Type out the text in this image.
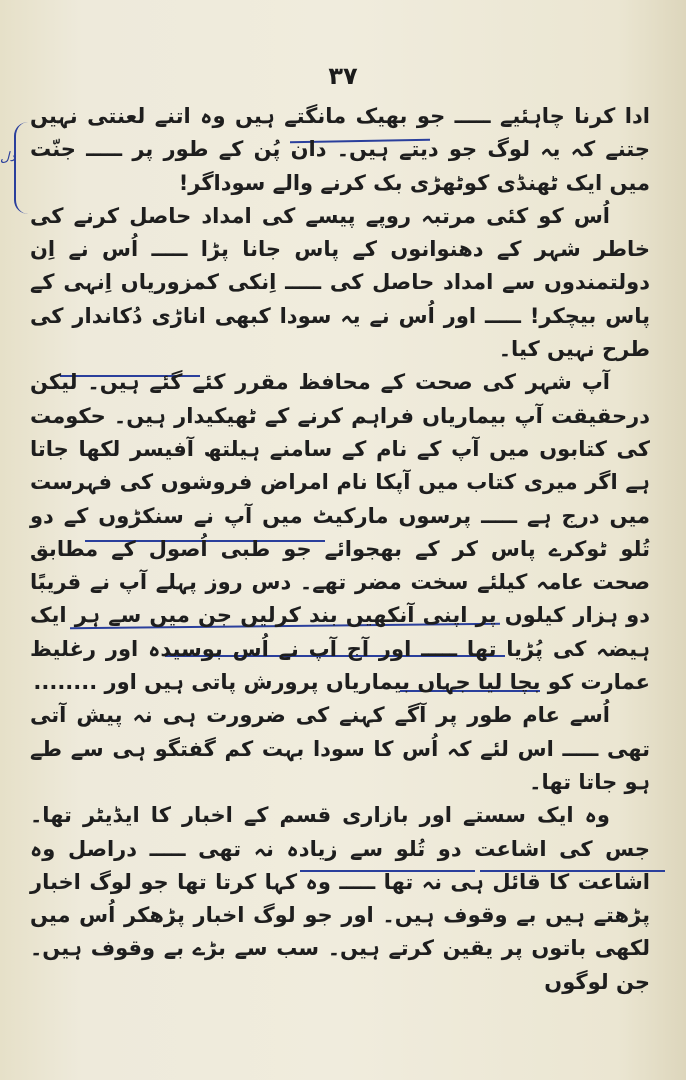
۳۷
دل

ادا کرنا چاہئیے ـــــ جو بھیک مانگتے ہیں وہ اتنے لعنتی نہیں جتنے کہ یہ لوگ جو دیتے ہیں۔ دان پُن کے طور پر ـــــ جنّت میں ایک ٹھنڈی کوٹھڑی بک کرنے والے سوداگر!

اُس کو کئی مرتبہ روپے پیسے کی امداد حاصل کرنے کی خاطر شہر کے دھنوانوں کے پاس جانا پڑا ـــــ اُس نے اِن دولتمندوں سے امداد حاصل کی ـــــ اِنکی کمزوریاں اِنہی کے پاس بیچکر! ـــــ اور اُس نے یہ سودا کبھی اناڑی دُکاندار کی طرح نہیں کیا۔

آپ شہر کی صحت کے محافظ مقرر کئے گئے ہیں۔ لیکن درحقیقت آپ بیماریاں فراہم کرنے کے ٹھیکیدار ہیں۔ حکومت کی کتابوں میں آپ کے نام کے سامنے ہیلتھ آفیسر لکھا جاتا ہے اگر میری کتاب میں آپکا نام امراض فروشوں کی فہرست میں درج ہے ـــــ پرسوں مارکیٹ میں آپ نے سنکڑوں کے دو تُلو ٹوکرے پاس کر کے بھجوائے جو طبی اُصول کے مطابق صحت عامہ کیلئے سخت مضر تھے۔ دس روز پہلے آپ نے قریبًا دو ہزار کیلوں پر اپنی آنکھیں بند کرلیں جن میں سے ہر ایک ہیضہ کی پُڑیا تھا ـــــ اور آج آپ نے اُس بوسیدہ اور رغلیظ عمارت کو بچا لیا جہاں بیماریاں پرورش پاتی ہیں اور ........

اُسے عام طور پر آگے کہنے کی ضرورت ہی نہ پیش آتی تھی ـــــ اس لئے کہ اُس کا سودا بہت کم گفتگو ہی سے طے ہو جاتا تھا۔

وہ ایک سستے اور بازاری قسم کے اخبار کا ایڈیٹر تھا۔ جس کی اشاعت دو تُلو سے زیادہ نہ تھی ـــــ دراصل وہ اشاعت کا قائل ہی نہ تھا ـــــ وہ کہا کرتا تھا جو لوگ اخبار پڑھتے ہیں بے وقوف ہیں۔ اور جو لوگ اخبار پڑھکر اُس میں لکھی باتوں پر یقین کرتے ہیں۔ سب سے بڑے بے وقوف ہیں۔ جن لوگوں
